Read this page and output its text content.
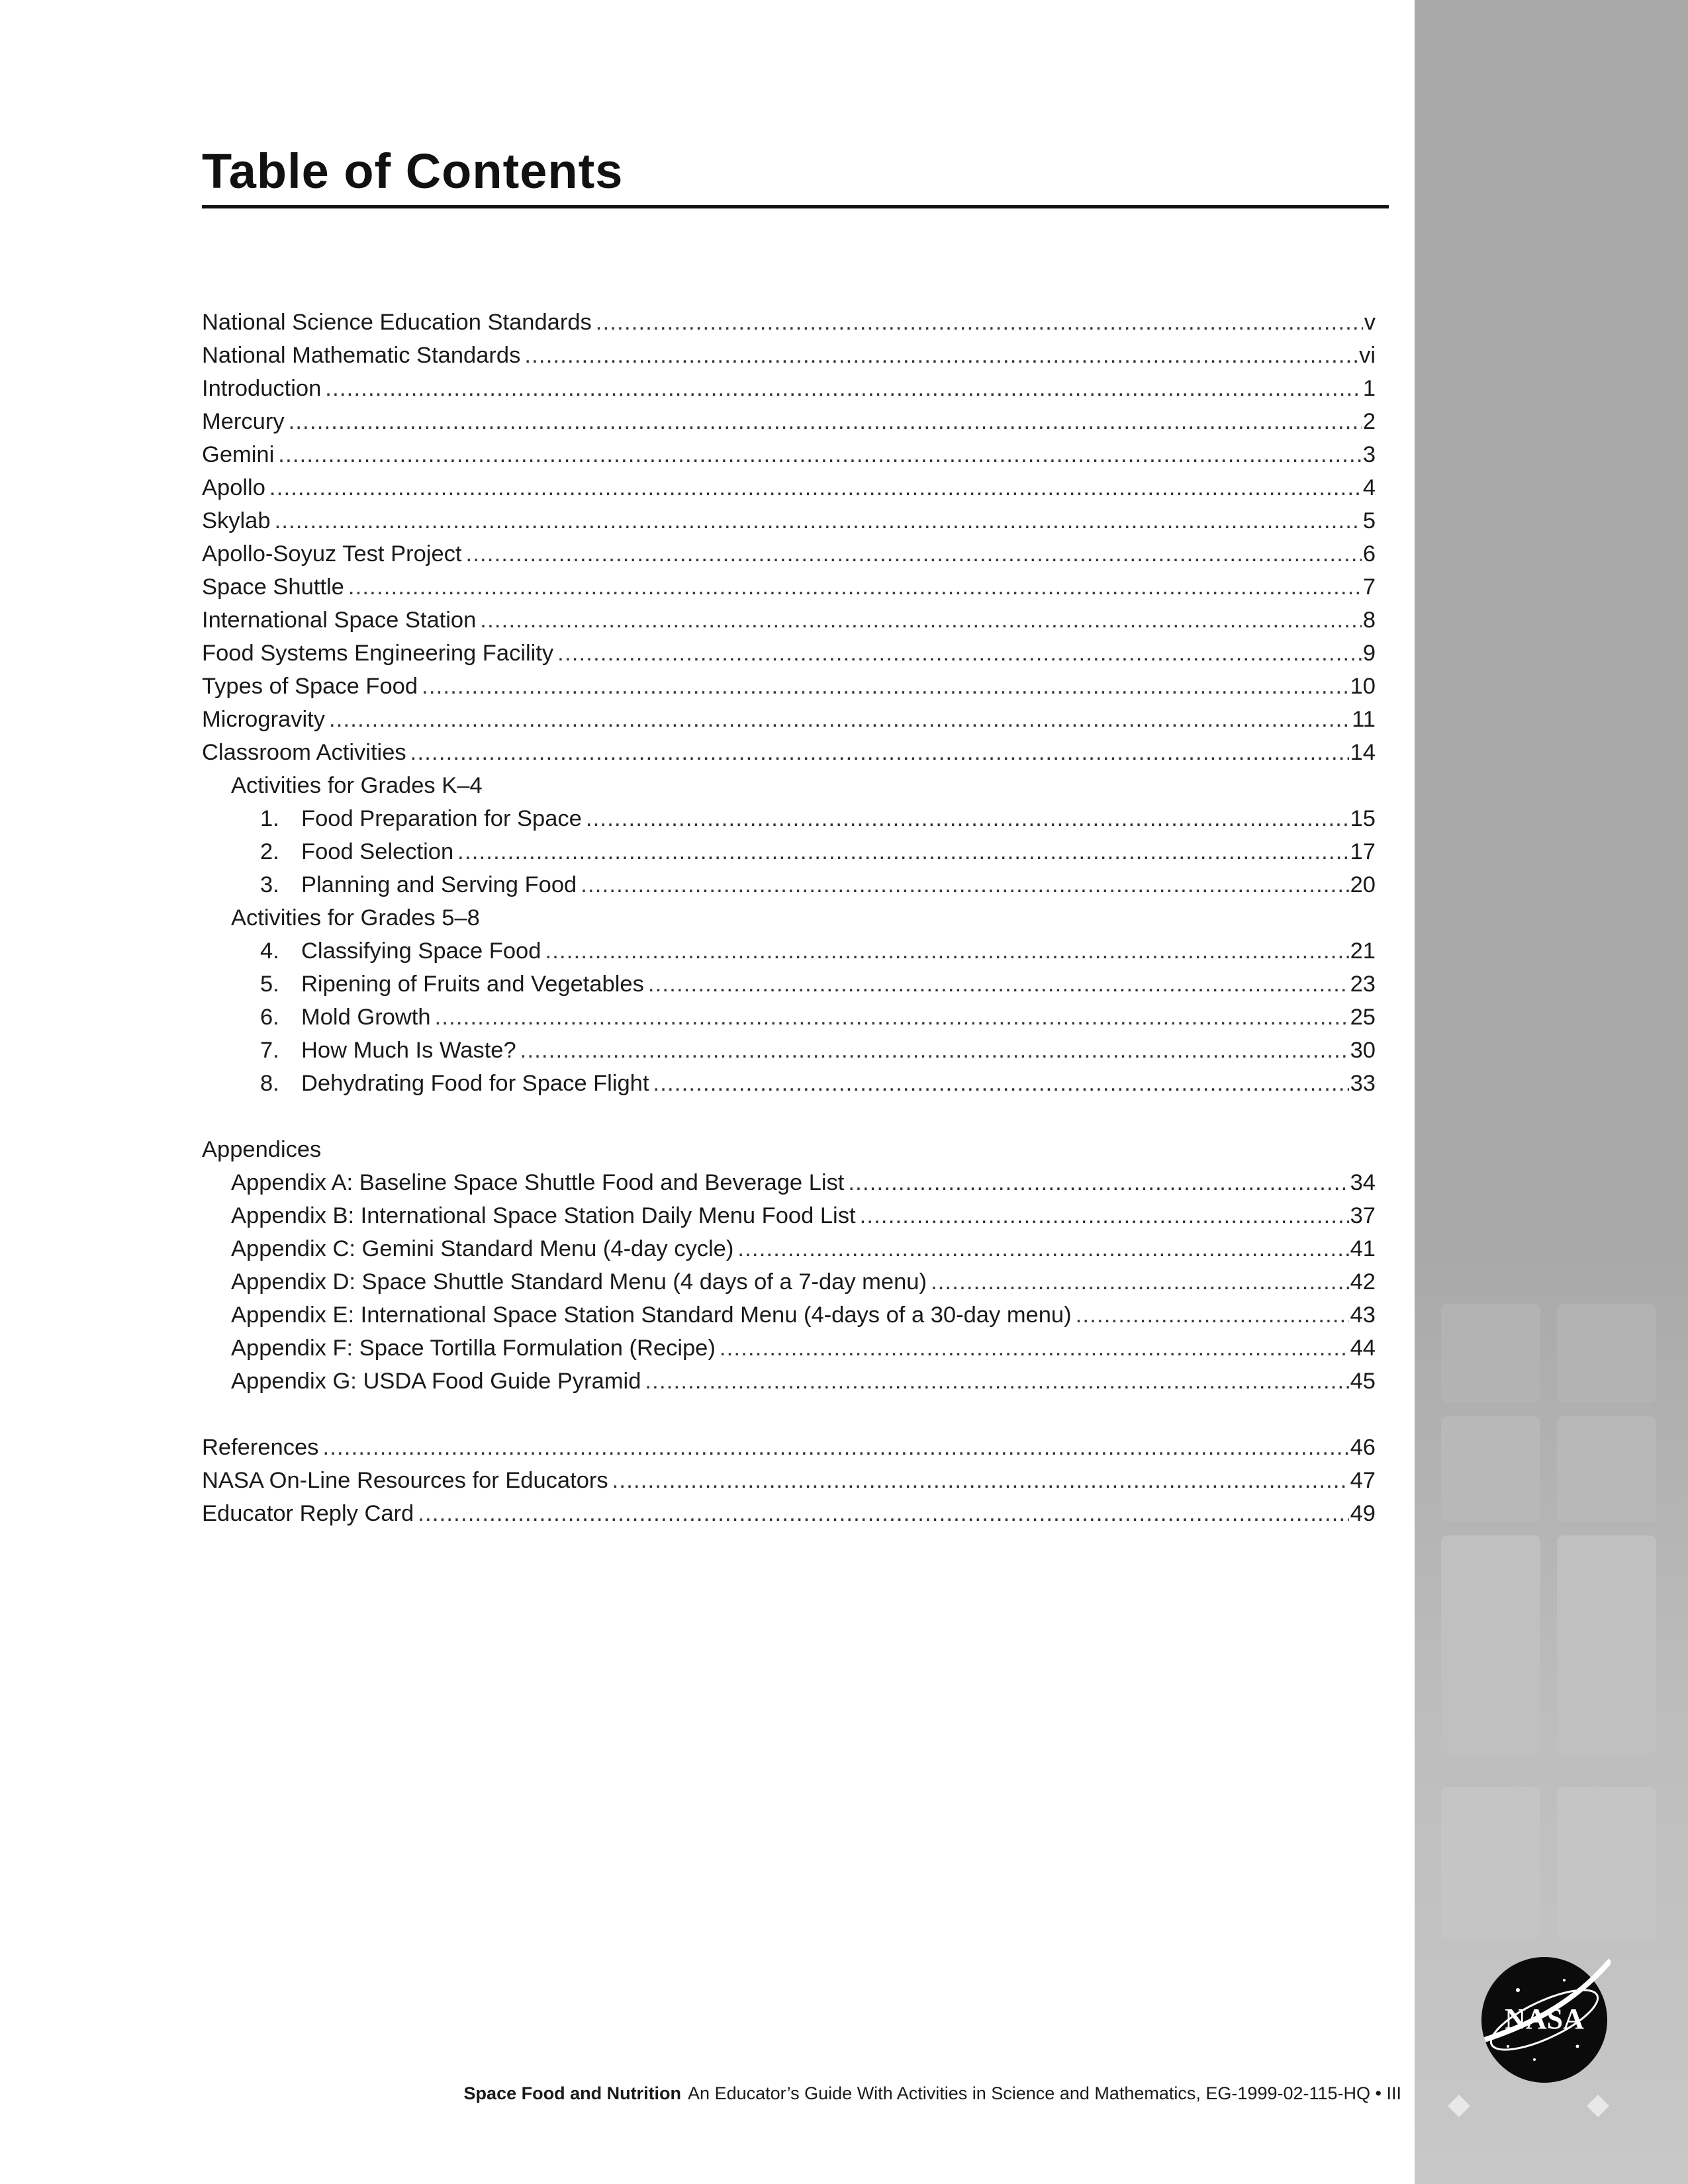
Table of Contents
National Science Education Standards .....	v
National Mathematic Standards .....	vi
Introduction .....	1
Mercury .....	2
Gemini .....	3
Apollo .....	4
Skylab .....	5
Apollo-Soyuz Test Project .....	6
Space Shuttle .....	7
International Space Station .....	8
Food Systems Engineering Facility .....	9
Types of Space Food .....	10
Microgravity .....	11
Classroom Activities .....	14
Activities for Grades K–4
1. Food Preparation for Space .....	15
2. Food Selection .....	17
3. Planning and Serving Food .....	20
Activities for Grades 5–8
4. Classifying Space Food .....	21
5. Ripening of Fruits and Vegetables .....	23
6. Mold Growth .....	25
7. How Much Is Waste? .....	30
8. Dehydrating Food for Space Flight .....	33
Appendices
Appendix A: Baseline Space Shuttle Food and Beverage List .....	34
Appendix B: International Space Station Daily Menu Food List .....	37
Appendix C: Gemini Standard Menu (4-day cycle) .....	41
Appendix D: Space Shuttle Standard Menu (4 days of a 7-day menu) .....	42
Appendix E: International Space Station Standard Menu (4-days of a 30-day menu) .....	43
Appendix F: Space Tortilla Formulation (Recipe) .....	44
Appendix G: USDA Food Guide Pyramid .....	45
References .....	46
NASA On-Line Resources for Educators .....	47
Educator Reply Card .....	49
Space Food and Nutrition An Educator’s Guide With Activities in Science and Mathematics, EG-1999-02-115-HQ • III
NASA
